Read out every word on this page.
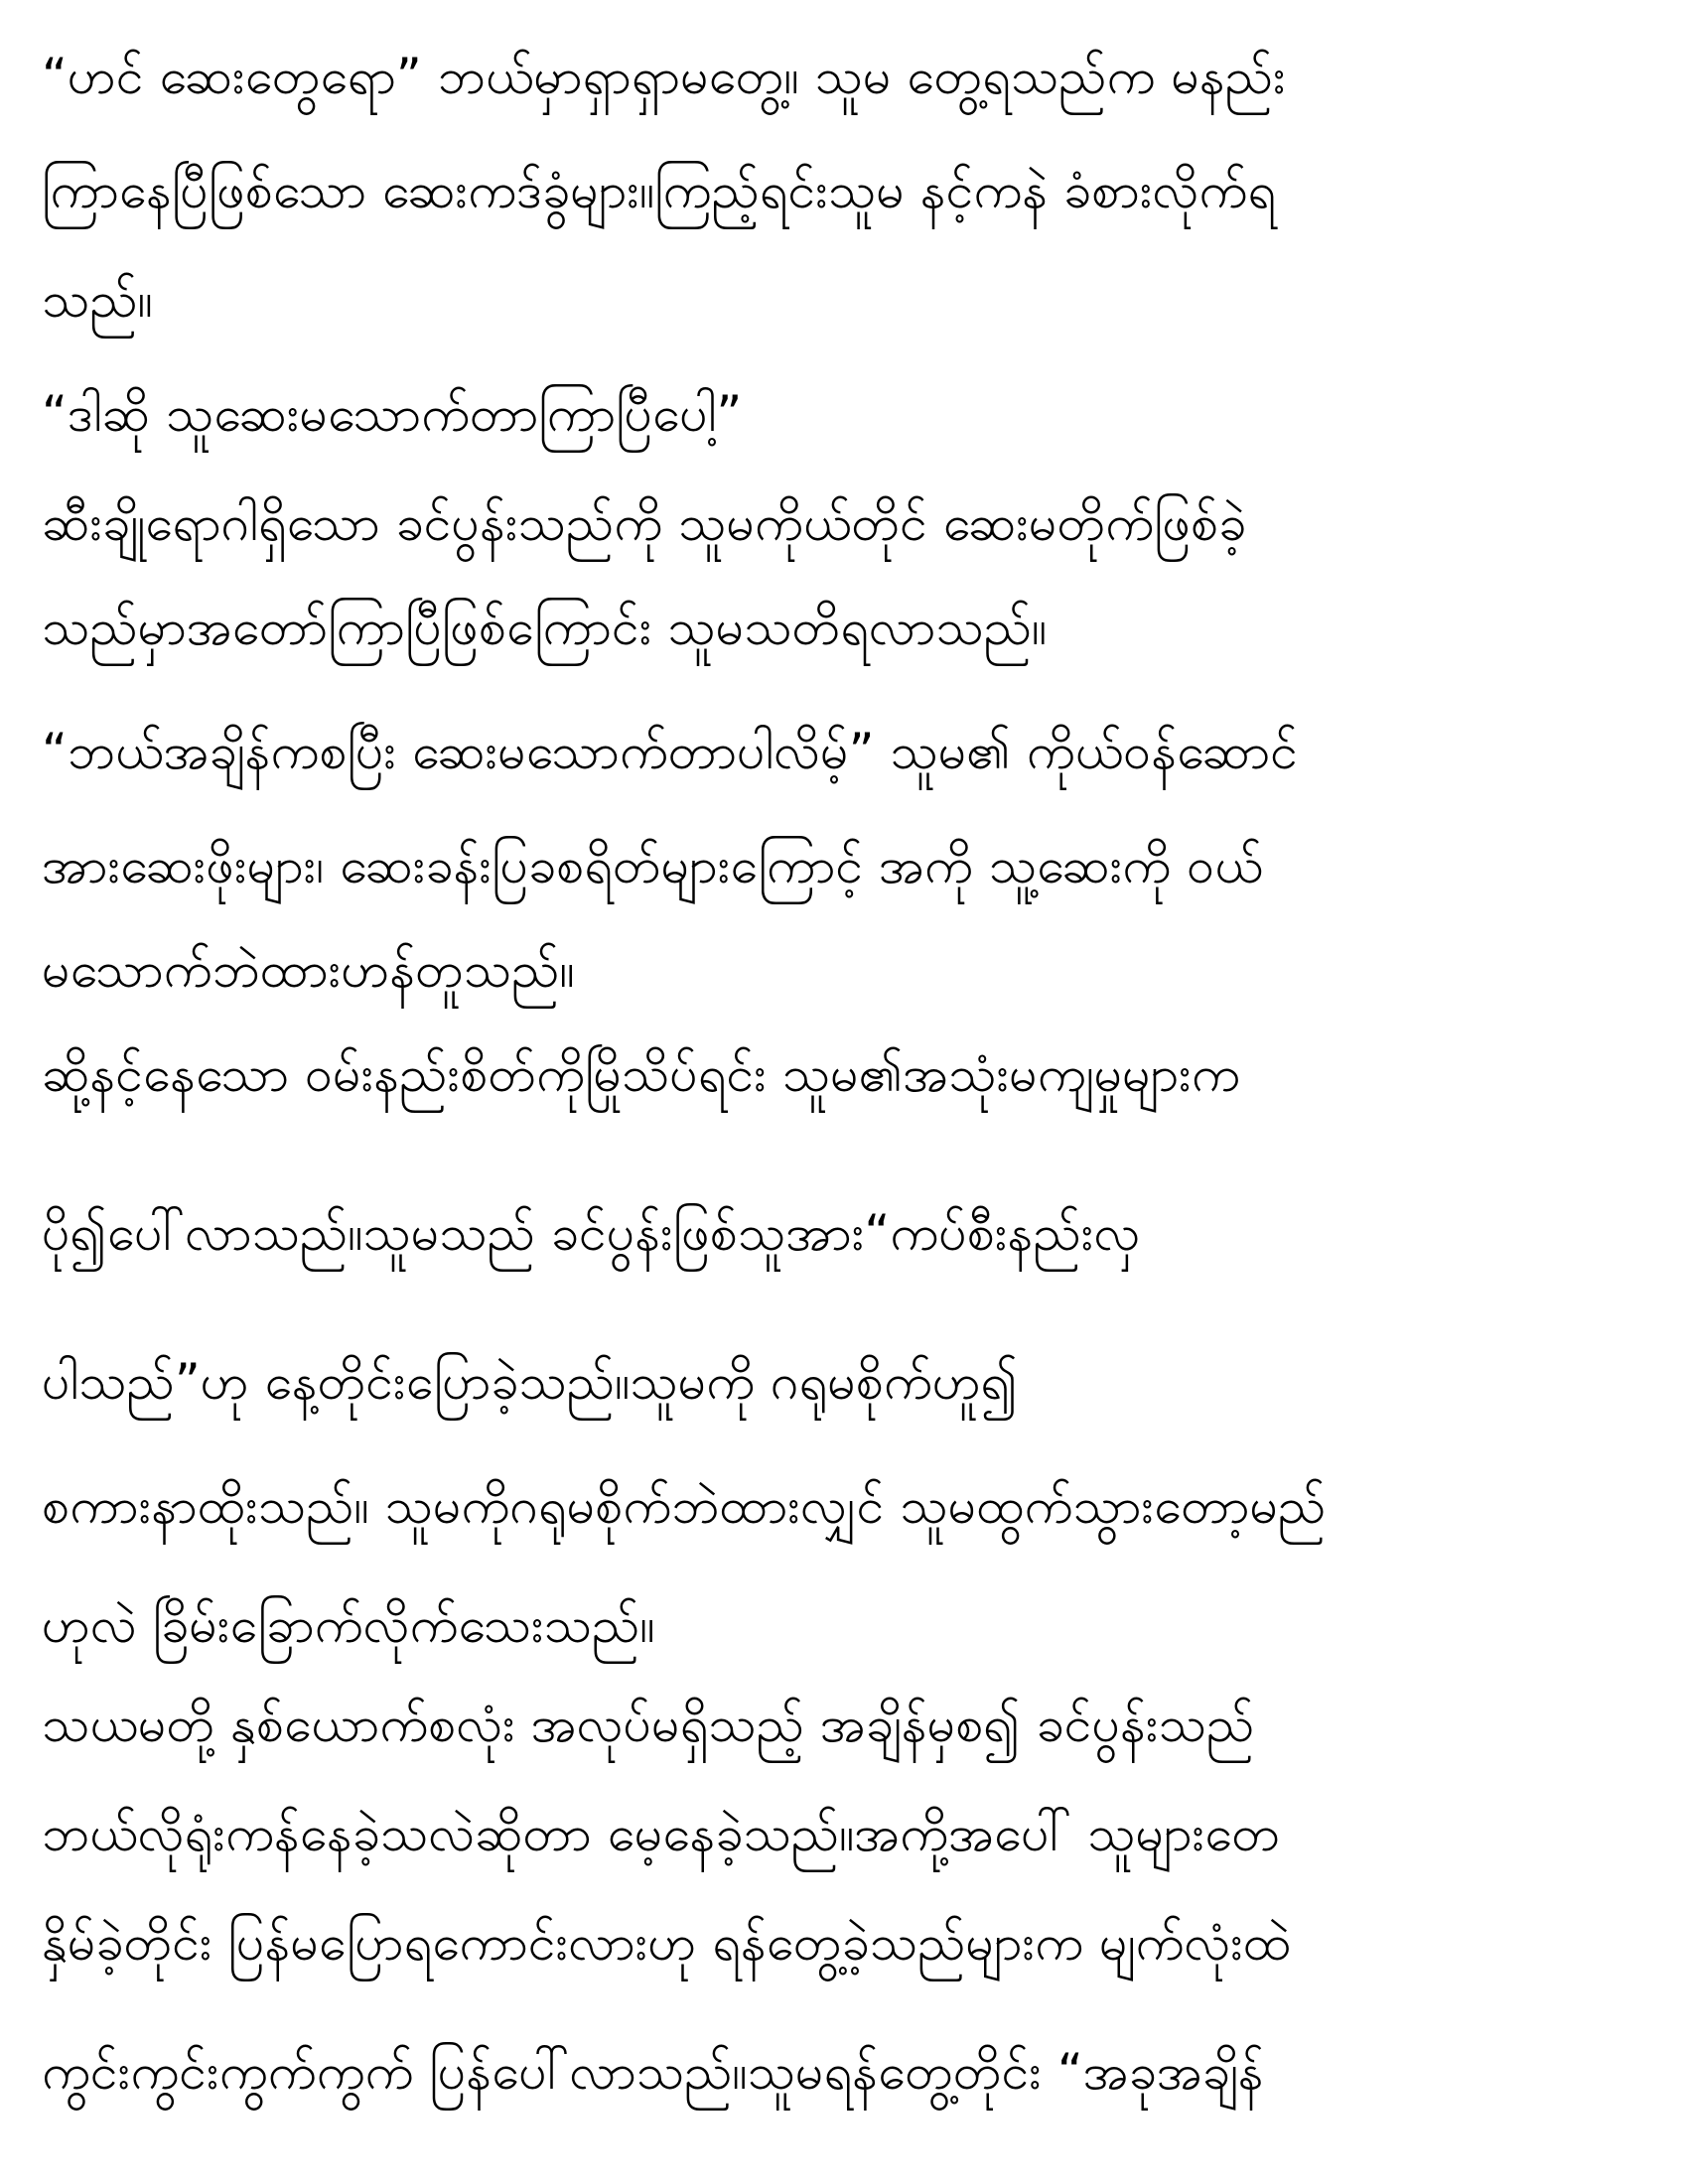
“ဟင် ဆေးတွေရော” ဘယ်မှာရှာရှာမတွေ့။ သူမ တွေ့ရသည်က မနည်း
ကြာနေပြီဖြစ်သော ဆေးကဒ်ခွံများ။ကြည့်ရင်းသူမ နင့်ကနဲ ခံစားလိုက်ရ
သည်။
“ဒါဆို သူဆေးမသောက်တာကြာပြီပေါ့”
ဆီးချိုရောဂါရှိသော ခင်ပွန်းသည်ကို သူမကိုယ်တိုင် ဆေးမတိုက်ဖြစ်ခဲ့
သည်မှာအတော်ကြာပြီဖြစ်ကြောင်း သူမသတိရလာသည်။
“ဘယ်အချိန်ကစပြီး ဆေးမသောက်တာပါလိမ့်” သူမ၏ ကိုယ်ဝန်ဆောင်
အားဆေးဖိုးများ၊ ဆေးခန်းပြခစရိတ်များကြောင့် အကို သူ့ဆေးကို ဝယ်
မသောက်ဘဲထားဟန်တူသည်။
ဆို့နင့်နေသော ဝမ်းနည်းစိတ်ကိုမြိုသိပ်ရင်း သူမ၏အသုံးမကျမှုများက
ပို၍ပေါ်လာသည်။သူမသည် ခင်ပွန်းဖြစ်သူအား“ကပ်စီးနည်းလှ
ပါသည်”ဟု နေ့တိုင်းပြောခဲ့သည်။သူမကို ဂရုမစိုက်ဟူ၍
စကားနာထိုးသည်။ သူမကိုဂရုမစိုက်ဘဲထားလျှင် သူမထွက်သွားတော့မည်
ဟုလဲ ခြိမ်းခြောက်လိုက်သေးသည်။
သယမတို့ နှစ်ယောက်စလုံး အလုပ်မရှိသည့် အချိန်မှစ၍ ခင်ပွန်းသည်
ဘယ်လိုရုံးကန်နေခဲ့သလဲဆိုတာ မေ့နေခဲ့သည်။အကို့အပေါ် သူများတေ
နှိမ်ခဲ့တိုင်း ပြန်မပြောရကောင်းလားဟု ရန်တွေ့ခဲ့သည်များက မျက်လုံးထဲ
ကွင်းကွင်းကွက်ကွက် ပြန်ပေါ်လာသည်။သူမရန်တွေ့တိုင်း “အခုအချိန်
